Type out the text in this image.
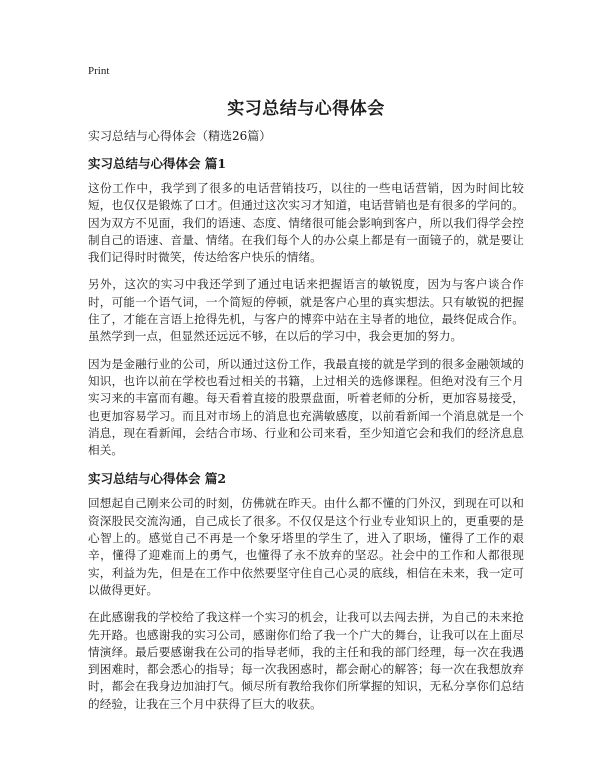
Print

实习总结与心得体会

实习总结与心得体会（精选26篇）

实习总结与心得体会 篇1

这份工作中，我学到了很多的电话营销技巧，以往的一些电话营销，因为时间比较短，也仅仅是锻炼了口才。但通过这次实习才知道，电话营销也是有很多的学问的。因为双方不见面，我们的语速、态度、情绪很可能会影响到客户，所以我们得学会控制自己的语速、音量、情绪。在我们每个人的办公桌上都是有一面镜子的，就是要让我们记得时时微笑，传达给客户快乐的情绪。

另外，这次的实习中我还学到了通过电话来把握语言的敏锐度，因为与客户谈合作时，可能一个语气词，一个简短的停顿，就是客户心里的真实想法。只有敏锐的把握住了，才能在言语上抢得先机，与客户的博弈中站在主导者的地位，最终促成合作。虽然学到一点，但显然还远远不够，在以后的学习中，我会更加的努力。

因为是金融行业的公司，所以通过这份工作，我最直接的就是学到的很多金融领域的知识，也许以前在学校也看过相关的书籍，上过相关的选修课程。但绝对没有三个月实习来的丰富而有趣。每天看着直接的股票盘面，听着老师的分析，更加容易接受，也更加容易学习。而且对市场上的消息也充满敏感度，以前看新闻一个消息就是一个消息，现在看新闻，会结合市场、行业和公司来看，至少知道它会和我们的经济息息相关。

实习总结与心得体会 篇2

回想起自己刚来公司的时刻，仿佛就在昨天。由什么都不懂的门外汉，到现在可以和资深股民交流沟通，自己成长了很多。不仅仅是这个行业专业知识上的，更重要的是心智上的。感觉自己不再是一个象牙塔里的学生了，进入了职场，懂得了工作的艰辛，懂得了迎难而上的勇气，也懂得了永不放弃的坚忍。社会中的工作和人都很现实，利益为先，但是在工作中依然要坚守住自己心灵的底线，相信在未来，我一定可以做得更好。

在此感谢我的学校给了我这样一个实习的机会，让我可以去闯去拼，为自己的未来抢先开路。也感谢我的实习公司，感谢你们给了我一个广大的舞台，让我可以在上面尽情演绎。最后要感谢我在公司的指导老师，我的主任和我的部门经理，每一次在我遇到困难时，都会悉心的指导；每一次我困惑时，都会耐心的解答；每一次在我想放弃时，都会在我身边加油打气。倾尽所有教给我你们所掌握的知识，无私分享你们总结的经验，让我在三个月中获得了巨大的收获。
